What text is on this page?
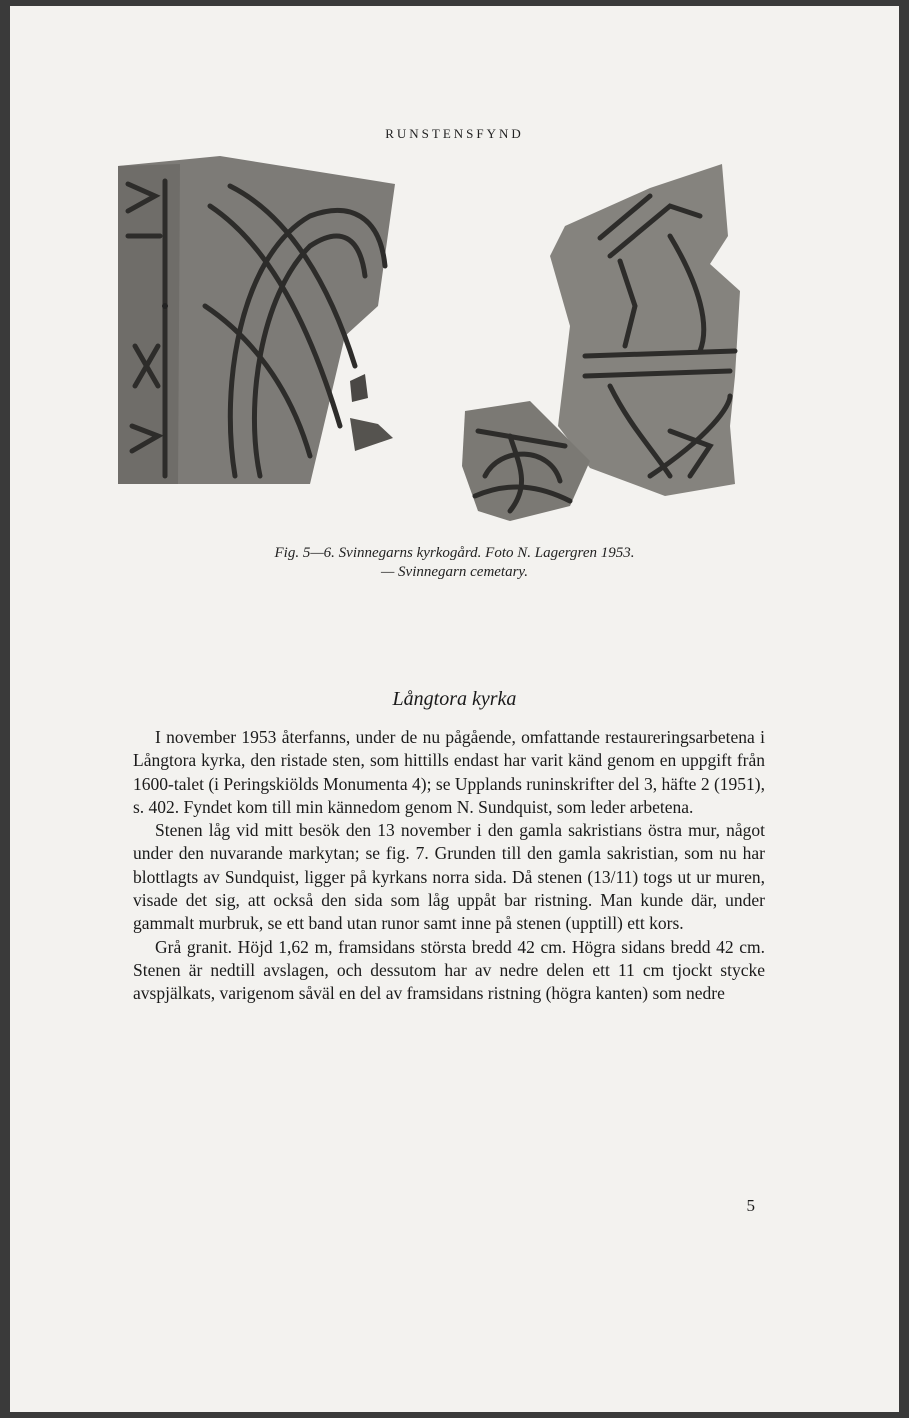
RUNSTENSFYND
Fig. 5—6. Svinnegarns kyrkogård. Foto N. Lagergren 1953.
— Svinnegarn cemetary.
Långtora kyrka

I november 1953 återfanns, under de nu pågående, omfattande restaureringsarbetena i Långtora kyrka, den ristade sten, som hittills endast har varit känd genom en uppgift från 1600-talet (i Peringskiölds Monumenta 4); se Upplands runinskrifter del 3, häfte 2 (1951), s. 402. Fyndet kom till min kännedom genom N. Sundquist, som leder arbetena.

Stenen låg vid mitt besök den 13 november i den gamla sakristians östra mur, något under den nuvarande markytan; se fig. 7. Grunden till den gamla sakristian, som nu har blottlagts av Sundquist, ligger på kyrkans norra sida. Då stenen (13/11) togs ut ur muren, visade det sig, att också den sida som låg uppåt bar ristning. Man kunde där, under gammalt murbruk, se ett band utan runor samt inne på stenen (upptill) ett kors.

Grå granit. Höjd 1,62 m, framsidans största bredd 42 cm. Högra sidans bredd 42 cm. Stenen är nedtill avslagen, och dessutom har av nedre delen ett 11 cm tjockt stycke avspjälkats, varigenom såväl en del av framsidans ristning (högra kanten) som nedre

5
